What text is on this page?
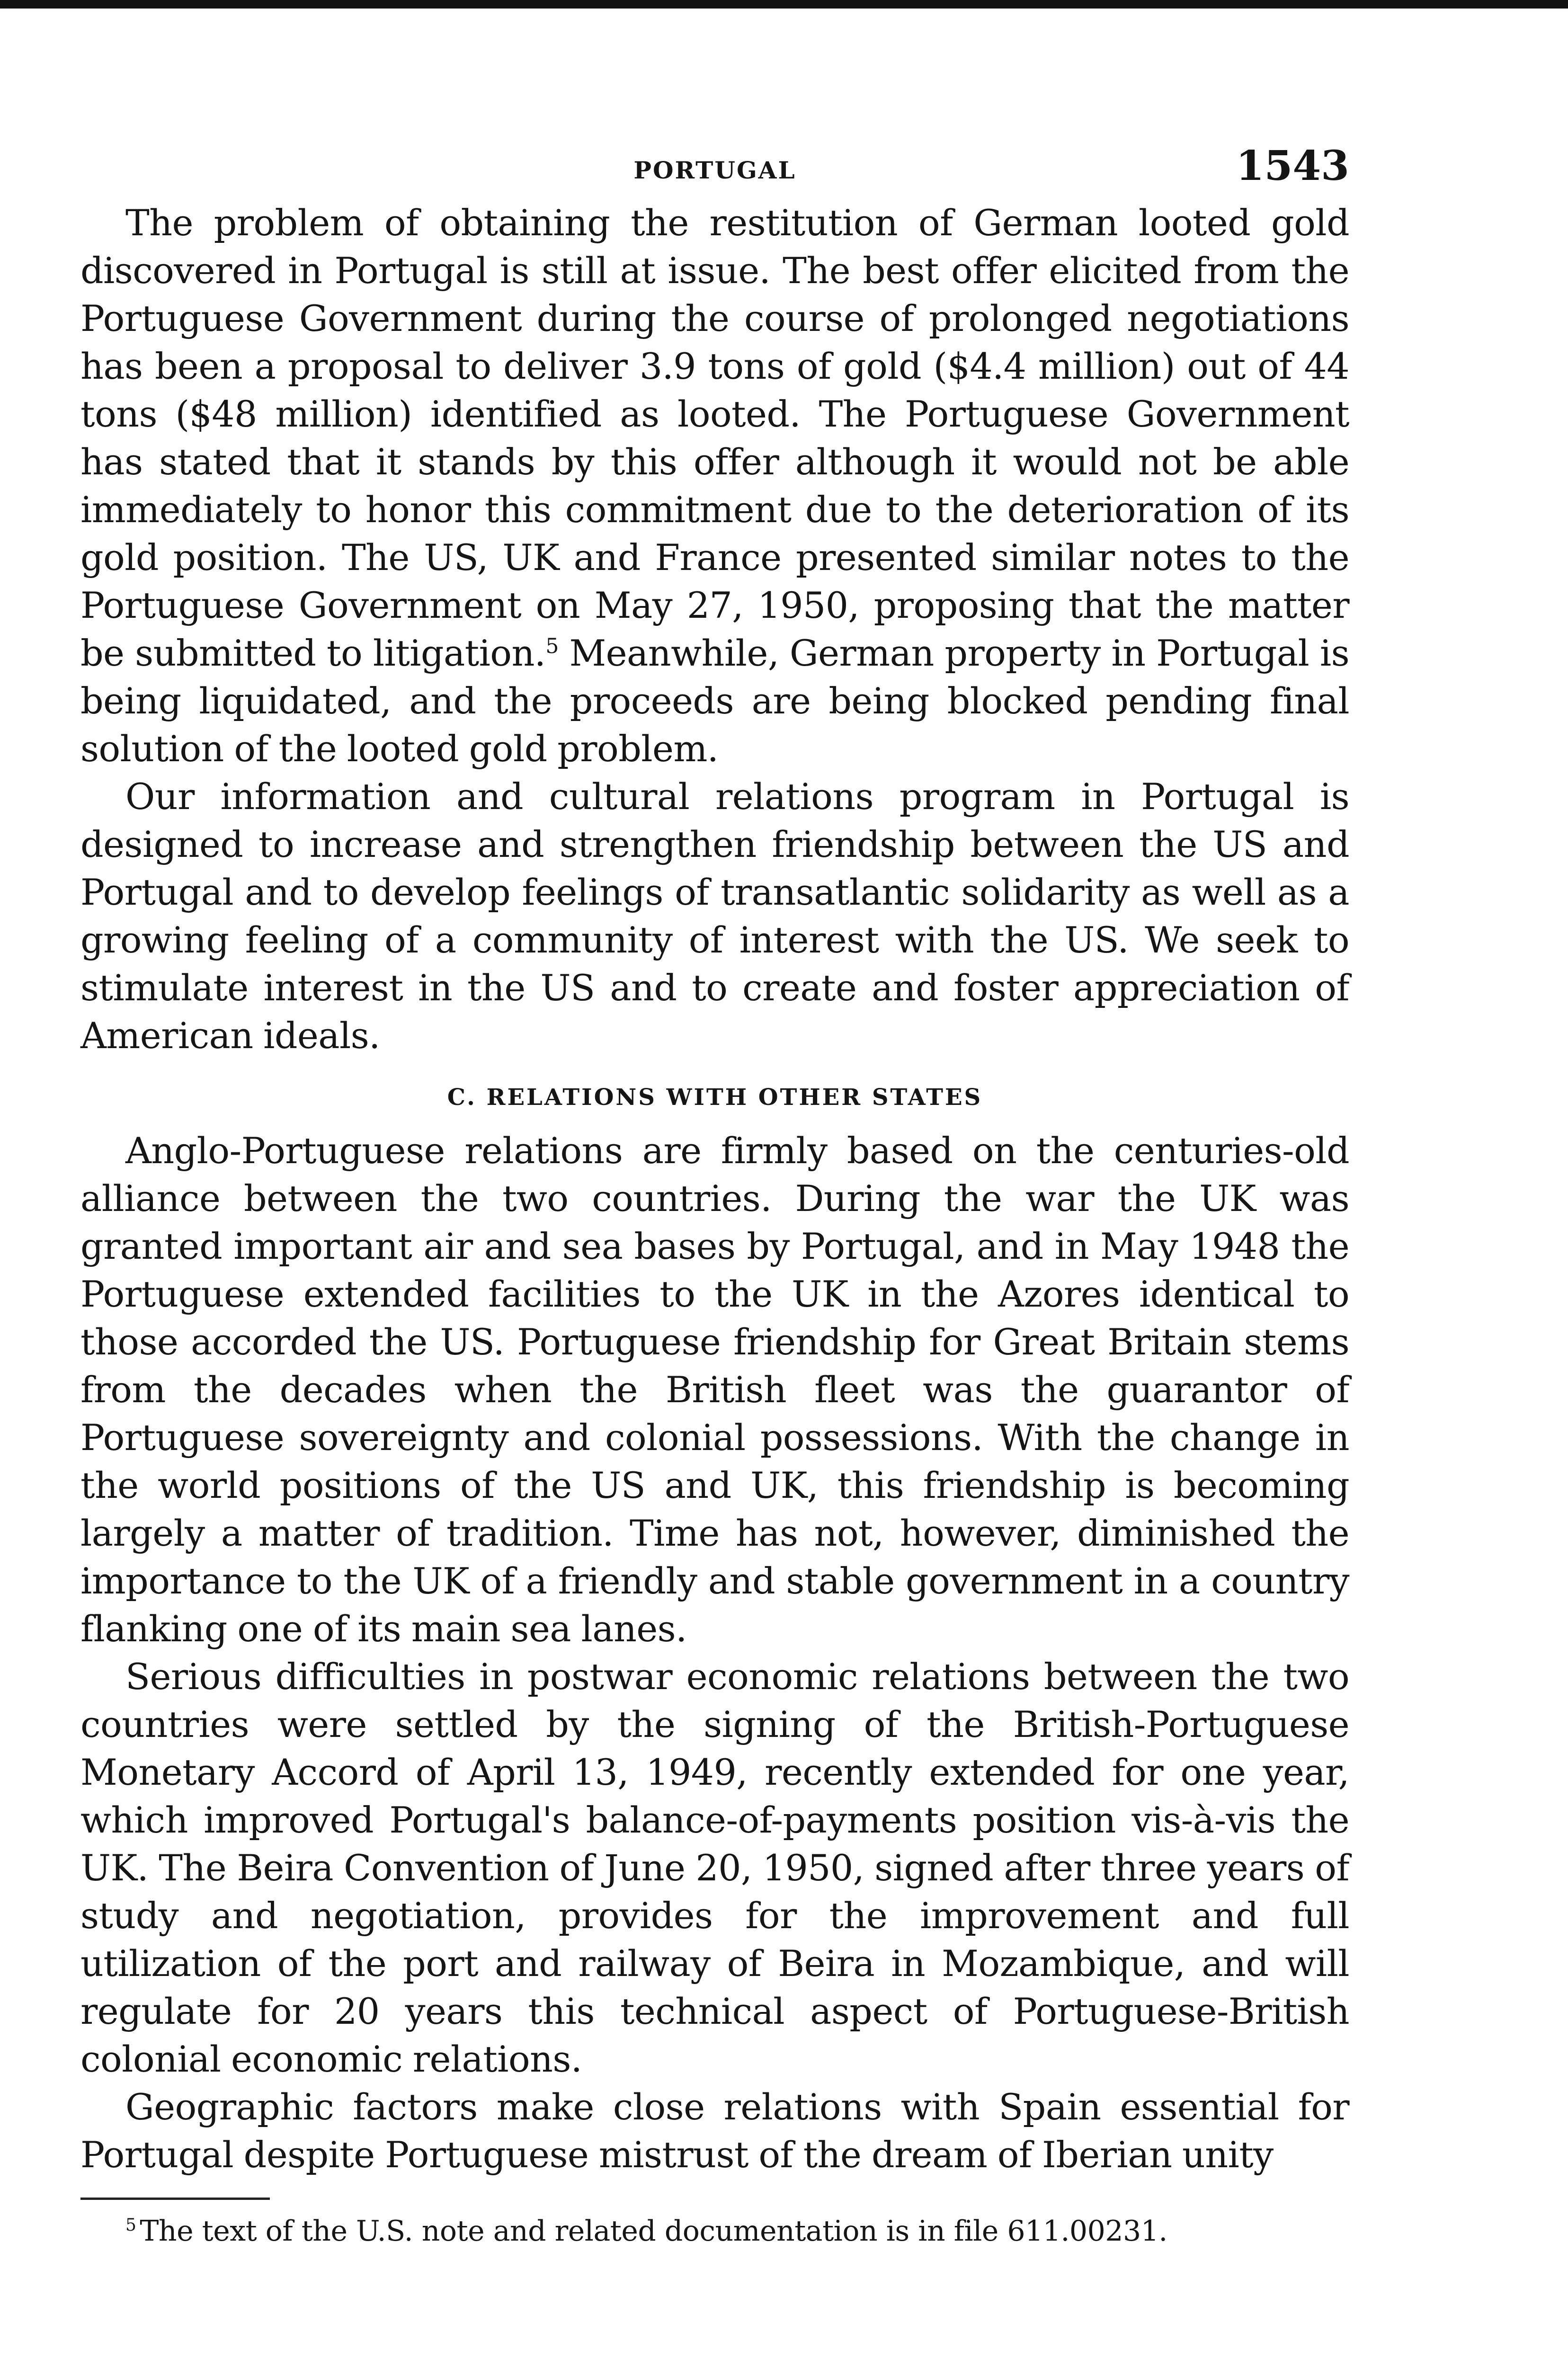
PORTUGAL	1543

The problem of obtaining the restitution of German looted gold discovered in Portugal is still at issue. The best offer elicited from the Portuguese Government during the course of prolonged negotiations has been a proposal to deliver 3.9 tons of gold ($4.4 million) out of 44 tons ($48 million) identified as looted. The Portuguese Government has stated that it stands by this offer although it would not be able immediately to honor this commitment due to the deterioration of its gold position. The US, UK and France presented similar notes to the Portuguese Government on May 27, 1950, proposing that the matter be submitted to litigation.$^5$ Meanwhile, German property in Portugal is being liquidated, and the proceeds are being blocked pending final solution of the looted gold problem.

Our information and cultural relations program in Portugal is designed to increase and strengthen friendship between the US and Portugal and to develop feelings of transatlantic solidarity as well as a growing feeling of a community of interest with the US. We seek to stimulate interest in the US and to create and foster appreciation of American ideals.

C. RELATIONS WITH OTHER STATES

Anglo-Portuguese relations are firmly based on the centuries-old alliance between the two countries. During the war the UK was granted important air and sea bases by Portugal, and in May 1948 the Portuguese extended facilities to the UK in the Azores identical to those accorded the US. Portuguese friendship for Great Britain stems from the decades when the British fleet was the guarantor of Portuguese sovereignty and colonial possessions. With the change in the world positions of the US and UK, this friendship is becoming largely a matter of tradition. Time has not, however, diminished the importance to the UK of a friendly and stable government in a country flanking one of its main sea lanes.

Serious difficulties in postwar economic relations between the two countries were settled by the signing of the British-Portuguese Monetary Accord of April 13, 1949, recently extended for one year, which improved Portugal's balance-of-payments position vis-à-vis the UK. The Beira Convention of June 20, 1950, signed after three years of study and negotiation, provides for the improvement and full utilization of the port and railway of Beira in Mozambique, and will regulate for 20 years this technical aspect of Portuguese-British colonial economic relations.

Geographic factors make close relations with Spain essential for Portugal despite Portuguese mistrust of the dream of Iberian unity

$^5$ The text of the U.S. note and related documentation is in file 611.00231.
